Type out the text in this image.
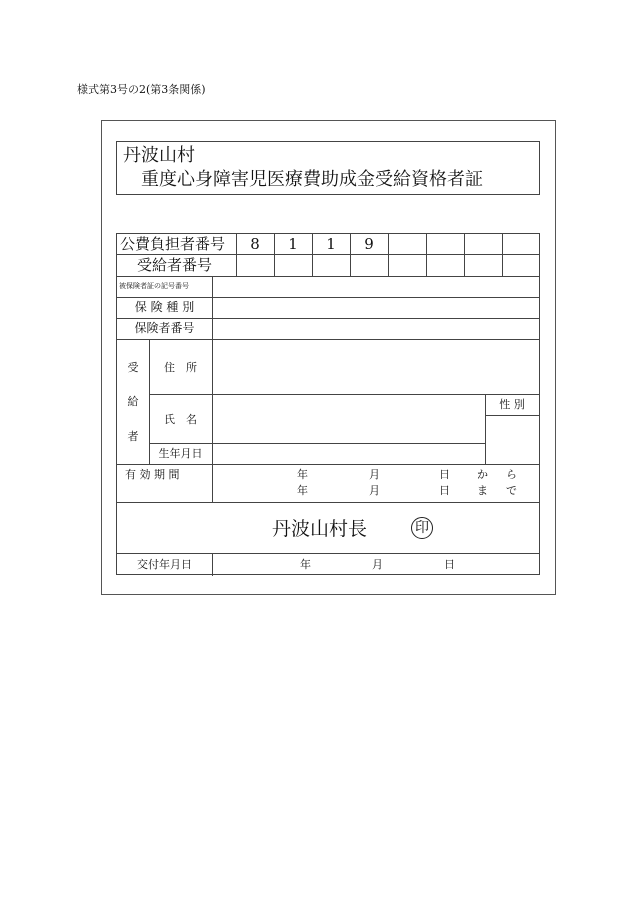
様式第3号の2(第3条関係)
丹波山村
重度心身障害児医療費助成金受給資格者証
公費負担者番号	8	1	1	9
受給者番号
被保険者証の記号番号
保 険 種 別
保険者番号
受
給
者
住　所
氏　名
性 別
生年月日
有 効 期 間	年	月	日 か ら
年	月	日 ま で
丹波山村長	印
交付年月日	年	月	日
